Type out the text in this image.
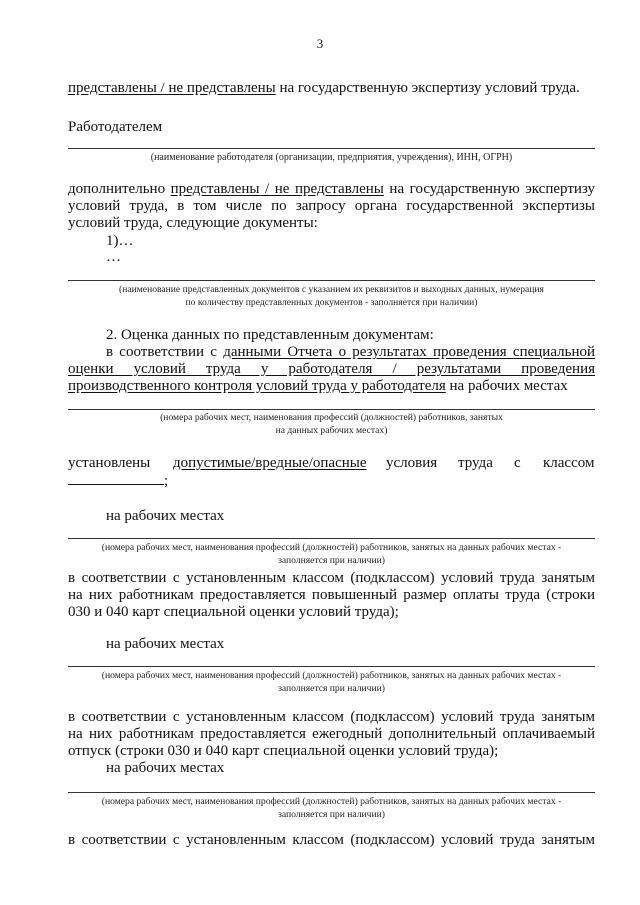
3
представлены / не представлены на государственную экспертизу условий труда.
Работодателем
(наименование работодателя (организации, предприятия, учреждения), ИНН, ОГРН)
дополнительно представлены / не представлены на государственную экспертизу
условий труда, в том числе по запросу органа государственной экспертизы
условий труда, следующие документы:
1)…
…
(наименование представленных документов с указанием их реквизитов и выходных данных, нумерация
по количеству представленных документов - заполняется при наличии)
2. Оценка данных по представленным документам:
в соответствии с данными Отчета о результатах проведения специальной
оценки условий труда у работодателя / результатами проведения
производственного контроля условий труда у работодателя на рабочих местах
(номера рабочих мест, наименования профессий (должностей) работников, занятых
на данных рабочих местах)
установлены допустимые/вредные/опасные условия труда с классом
;
на рабочих местах
(номера рабочих мест, наименования профессий (должностей) работников, занятых на данных рабочих местах -
заполняется при наличии)
в соответствии с установленным классом (подклассом) условий труда занятым
на них работникам предоставляется повышенный размер оплаты труда (строки
030 и 040 карт специальной оценки условий труда);
на рабочих местах
(номера рабочих мест, наименования профессий (должностей) работников, занятых на данных рабочих местах -
заполняется при наличии)
в соответствии с установленным классом (подклассом) условий труда занятым
на них работникам предоставляется ежегодный дополнительный оплачиваемый
отпуск (строки 030 и 040 карт специальной оценки условий труда);
на рабочих местах
(номера рабочих мест, наименования профессий (должностей) работников, занятых на данных рабочих местах -
заполняется при наличии)
в соответствии с установленным классом (подклассом) условий труда занятым
